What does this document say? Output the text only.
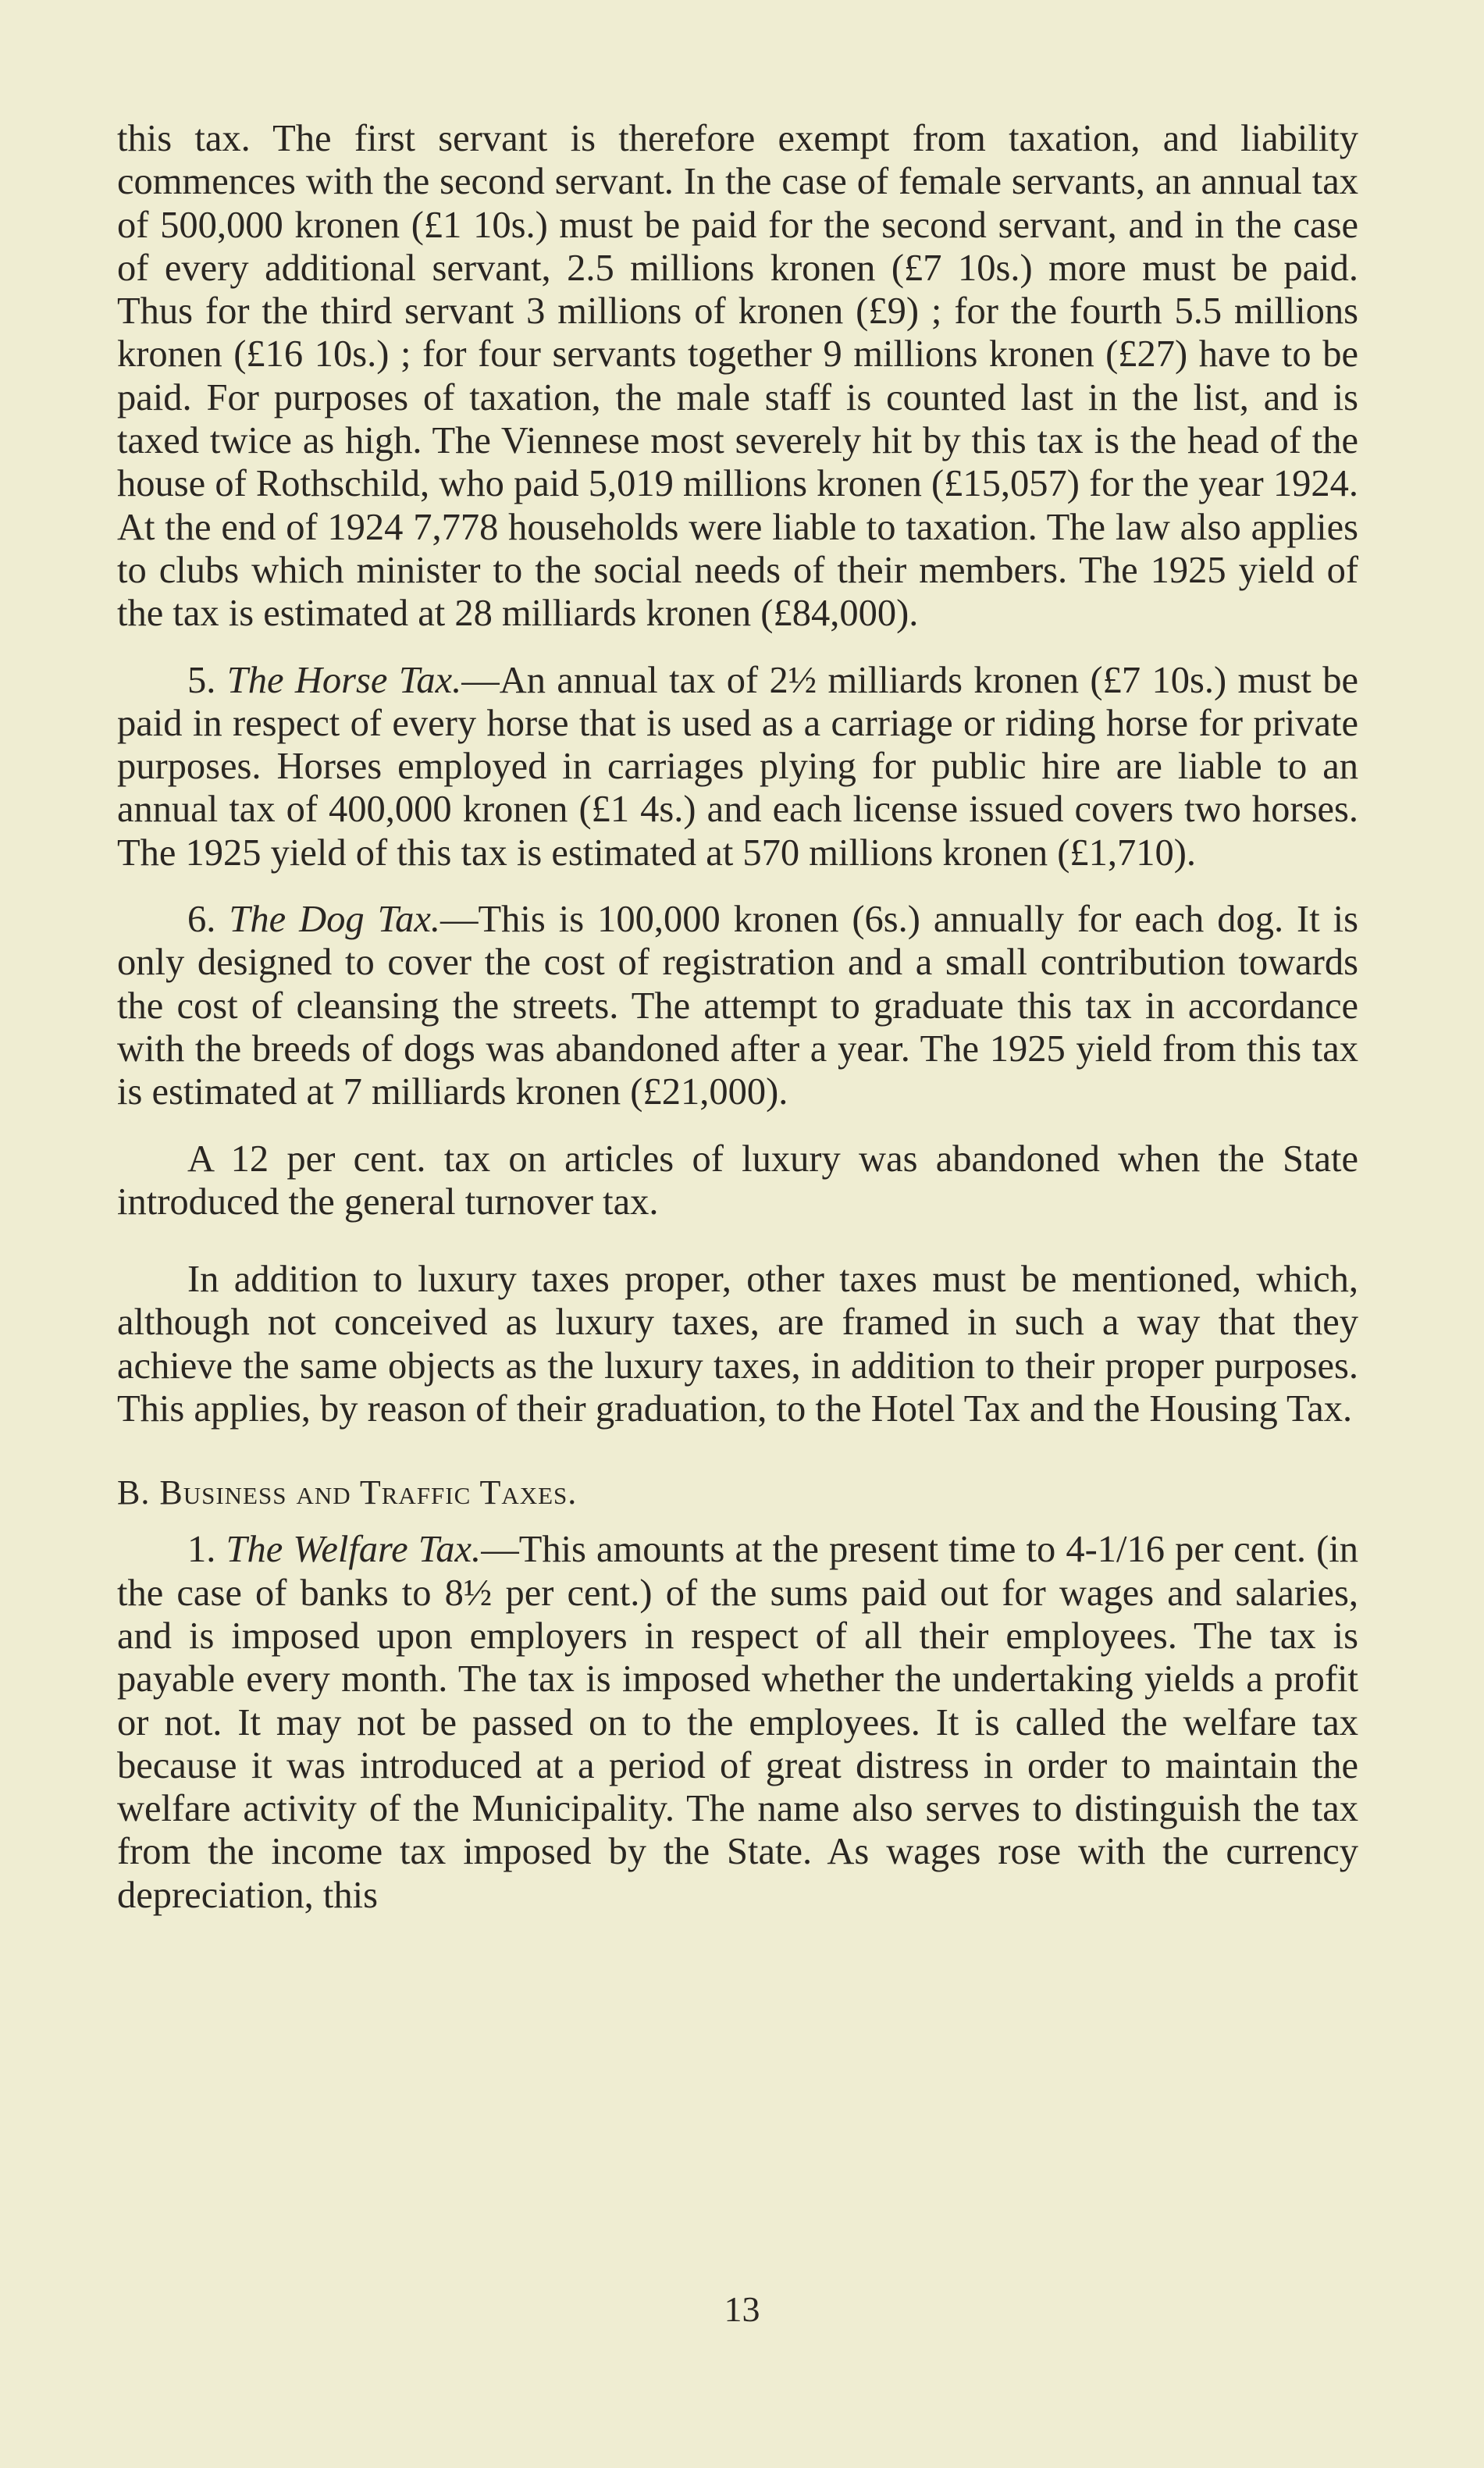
this tax. The first servant is therefore exempt from taxation, and liability commences with the second servant. In the case of female servants, an annual tax of 500,000 kronen (£1 10s.) must be paid for the second servant, and in the case of every additional servant, 2.5 millions kronen (£7 10s.) more must be paid. Thus for the third servant 3 millions of kronen (£9) ; for the fourth 5.5 millions kronen (£16 10s.) ; for four servants together 9 millions kronen (£27) have to be paid. For purposes of taxation, the male staff is counted last in the list, and is taxed twice as high. The Viennese most severely hit by this tax is the head of the house of Rothschild, who paid 5,019 millions kronen (£15,057) for the year 1924. At the end of 1924 7,778 households were liable to taxation. The law also applies to clubs which minister to the social needs of their members. The 1925 yield of the tax is estimated at 28 milliards kronen (£84,000).

5. The Horse Tax.—An annual tax of 2½ milliards kronen (£7 10s.) must be paid in respect of every horse that is used as a carriage or riding horse for private purposes. Horses employed in carriages plying for public hire are liable to an annual tax of 400,000 kronen (£1 4s.) and each license issued covers two horses. The 1925 yield of this tax is estimated at 570 millions kronen (£1,710).

6. The Dog Tax.—This is 100,000 kronen (6s.) annually for each dog. It is only designed to cover the cost of registration and a small contribution towards the cost of cleansing the streets. The attempt to graduate this tax in accordance with the breeds of dogs was abandoned after a year. The 1925 yield from this tax is estimated at 7 milliards kronen (£21,000).

A 12 per cent. tax on articles of luxury was abandoned when the State introduced the general turnover tax.

In addition to luxury taxes proper, other taxes must be mentioned, which, although not conceived as luxury taxes, are framed in such a way that they achieve the same objects as the luxury taxes, in addition to their proper purposes. This applies, by reason of their graduation, to the Hotel Tax and the Housing Tax.

B. Business and Traffic Taxes.

1. The Welfare Tax.—This amounts at the present time to 4-1/16 per cent. (in the case of banks to 8½ per cent.) of the sums paid out for wages and salaries, and is imposed upon employers in respect of all their employees. The tax is payable every month. The tax is imposed whether the undertaking yields a profit or not. It may not be passed on to the employees. It is called the welfare tax because it was introduced at a period of great distress in order to maintain the welfare activity of the Municipality. The name also serves to distinguish the tax from the income tax imposed by the State. As wages rose with the currency depreciation, this

13
